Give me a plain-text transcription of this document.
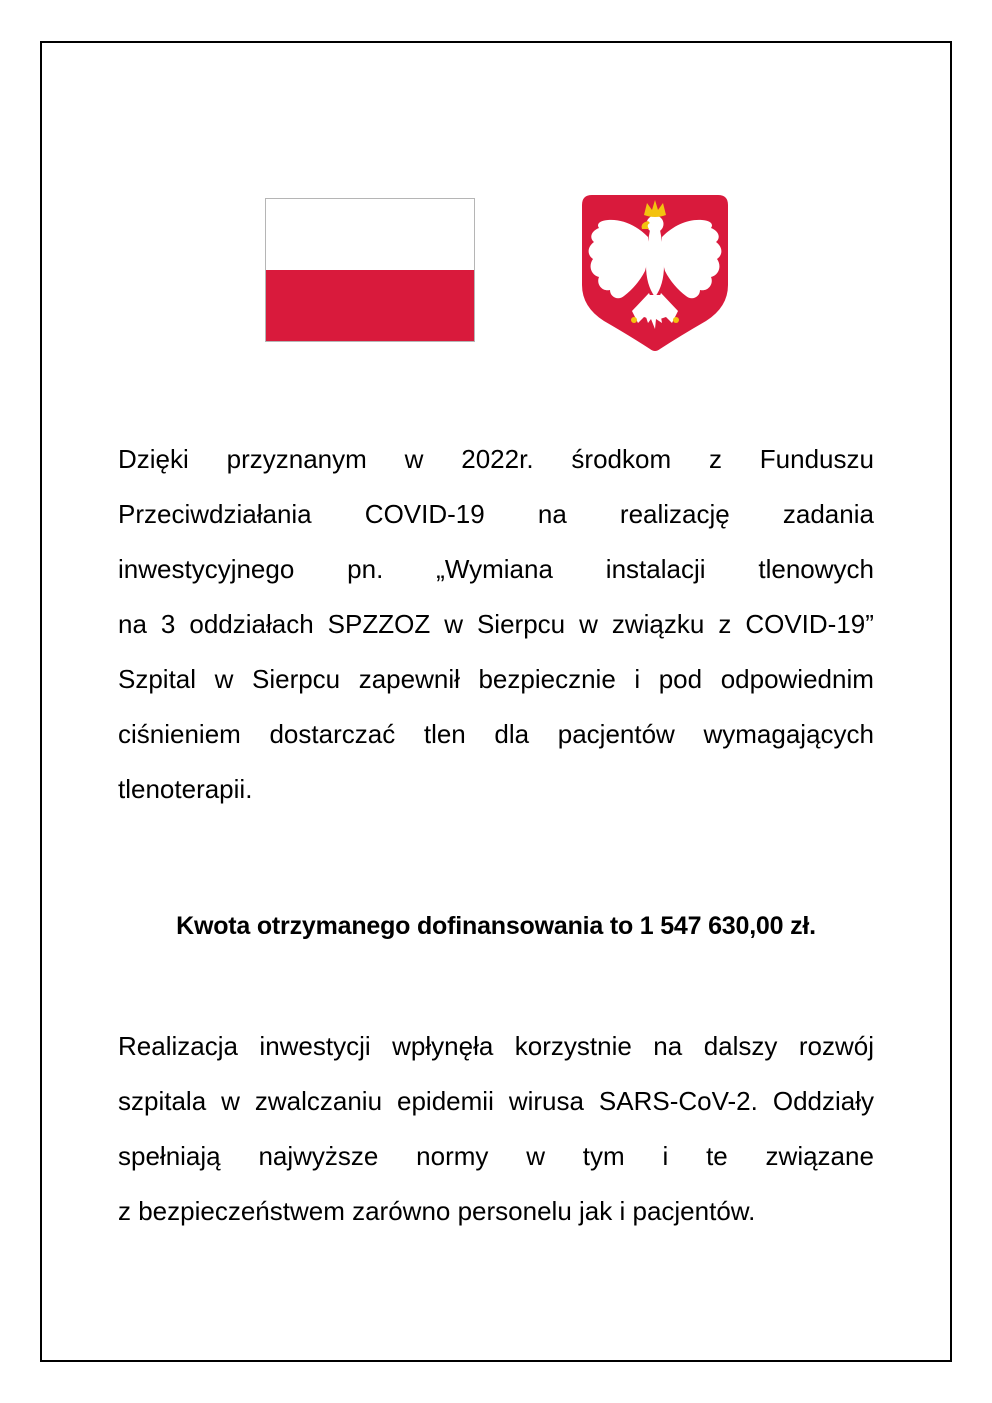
Dzięki przyznanym w 2022r. środkom z Funduszu
Przeciwdziałania COVID-19 na realizację zadania
inwestycyjnego pn. „Wymiana instalacji tlenowych
na 3 oddziałach SPZZOZ w Sierpcu w związku z COVID-19”
Szpital w Sierpcu zapewnił bezpiecznie i pod odpowiednim
ciśnieniem dostarczać tlen dla pacjentów wymagających
tlenoterapii.
Kwota otrzymanego dofinansowania to 1 547 630,00 zł.
Realizacja inwestycji wpłynęła korzystnie na dalszy rozwój
szpitala w zwalczaniu epidemii wirusa SARS-CoV-2. Oddziały
spełniają najwyższe normy w tym i te związane
z bezpieczeństwem zarówno personelu jak i pacjentów.
